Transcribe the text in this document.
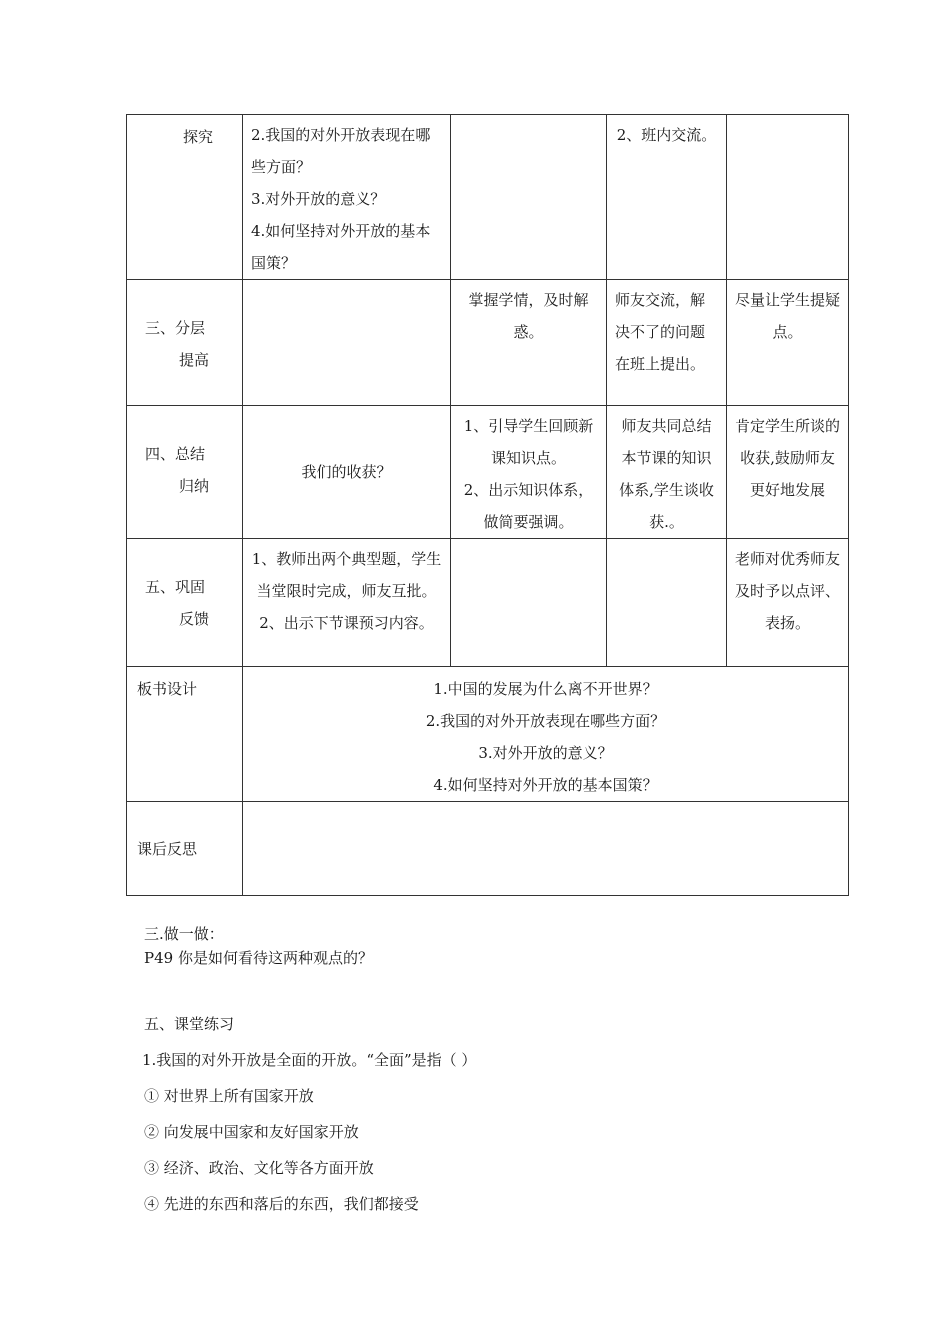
探究	2.我国的对外开放表现在哪些方面？
3.对外开放的意义？
4.如何坚持对外开放的基本国策？		2、班内交流。	

三、分层
提高		掌握学情，及时解惑。	师友交流，解决不了的问题在班上提出。	尽量让学生提疑点。

四、总结
归纳	我们的收获？	1、引导学生回顾新课知识点。
2、出示知识体系，做简要强调。	师友共同总结本节课的知识体系,学生谈收获.。	肯定学生所谈的收获,鼓励师友更好地发展

五、巩固
反馈	1、教师出两个典型题，学生当堂限时完成，师友互批。2、出示下节课预习内容。			老师对优秀师友及时予以点评、表扬。

板书设计	1.中国的发展为什么离不开世界？
2.我国的对外开放表现在哪些方面？
3.对外开放的意义？
4.如何坚持对外开放的基本国策？			

课后反思				

三.做一做：
P49 你是如何看待这两种观点的？
五、课堂练习
1.我国的对外开放是全面的开放。“全面”是指（ ）
① 对世界上所有国家开放
② 向发展中国家和友好国家开放
③ 经济、政治、文化等各方面开放
④ 先进的东西和落后的东西，我们都接受
